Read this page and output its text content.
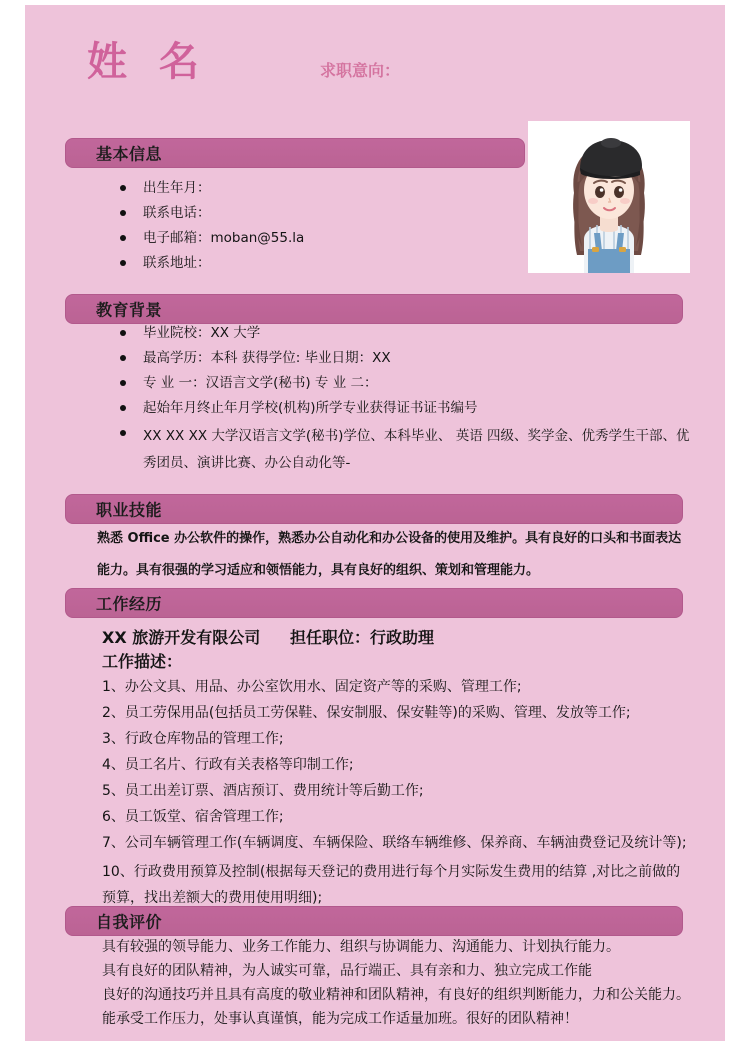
姓 名	求职意向：
基本信息
出生年月：
联系电话：
电子邮箱：moban@55.la
联系地址：
教育背景
毕业院校：XX 大学
最高学历：本科 获得学位: 毕业日期：XX
专 业 一：汉语言文学(秘书) 专 业 二：
起始年月终止年月学校(机构)所学专业获得证书证书编号
XX XX XX 大学汉语言文学(秘书)学位、本科毕业、 英语 四级、奖学金、优秀学生干部、优秀团员、演讲比赛、办公自动化等-
职业技能
熟悉 Office 办公软件的操作，熟悉办公自动化和办公设备的使用及维护。具有良好的口头和书面表达能力。具有很强的学习适应和领悟能力，具有良好的组织、策划和管理能力。
工作经历
XX 旅游开发有限公司 担任职位：行政助理
工作描述：
1、办公文具、用品、办公室饮用水、固定资产等的采购、管理工作;
2、员工劳保用品(包括员工劳保鞋、保安制服、保安鞋等)的采购、管理、发放等工作;
3、行政仓库物品的管理工作;
4、员工名片、行政有关表格等印制工作;
5、员工出差订票、酒店预订、费用统计等后勤工作;
6、员工饭堂、宿舍管理工作;
7、公司车辆管理工作(车辆调度、车辆保险、联络车辆维修、保养商、车辆油费登记及统计等);
10、行政费用预算及控制(根据每天登记的费用进行每个月实际发生费用的结算 ,对比之前做的预算，找出差额大的费用使用明细);
自我评价
具有较强的领导能力、业务工作能力、组织与协调能力、沟通能力、计划执行能力。
具有良好的团队精神，为人诚实可靠，品行端正、具有亲和力、独立完成工作能
良好的沟通技巧并且具有高度的敬业精神和团队精神，有良好的组织判断能力，力和公关能力。
能承受工作压力，处事认真谨慎，能为完成工作适量加班。很好的团队精神！
